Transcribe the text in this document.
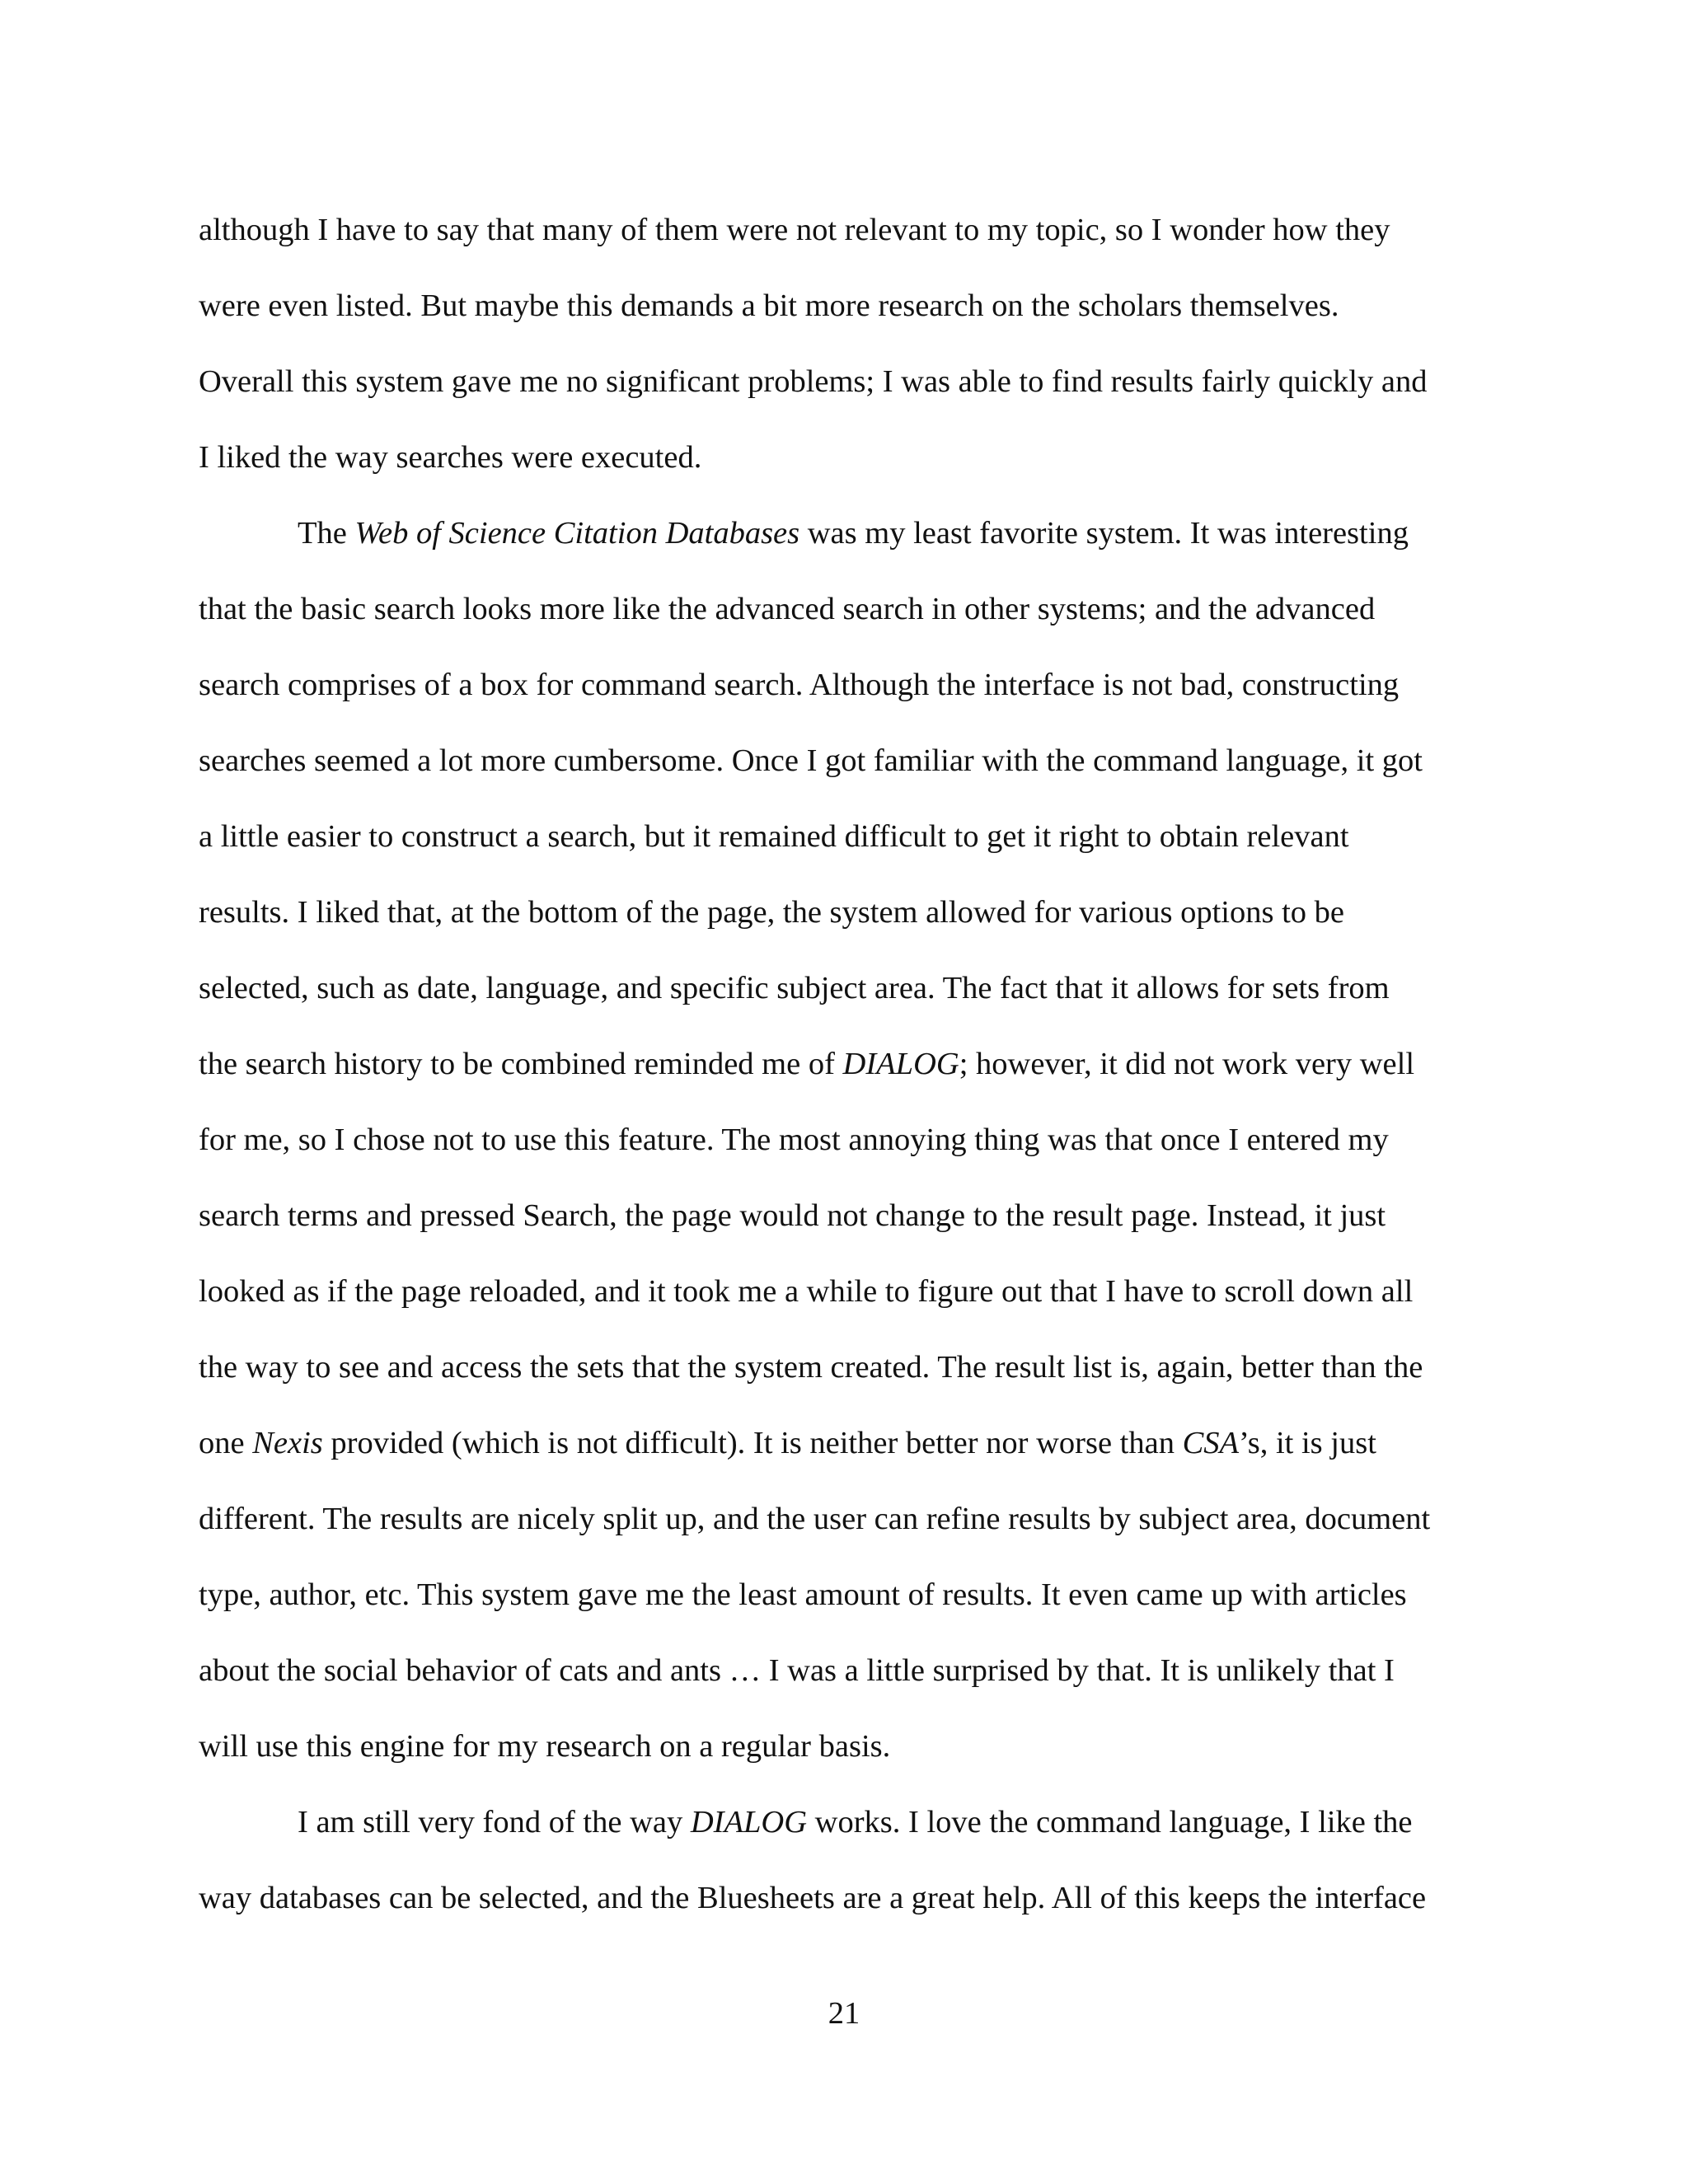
although I have to say that many of them were not relevant to my topic, so I wonder how they
were even listed. But maybe this demands a bit more research on the scholars themselves.
Overall this system gave me no significant problems; I was able to find results fairly quickly and
I liked the way searches were executed.
The Web of Science Citation Databases was my least favorite system. It was interesting
that the basic search looks more like the advanced search in other systems; and the advanced
search comprises of a box for command search. Although the interface is not bad, constructing
searches seemed a lot more cumbersome. Once I got familiar with the command language, it got
a little easier to construct a search, but it remained difficult to get it right to obtain relevant
results. I liked that, at the bottom of the page, the system allowed for various options to be
selected, such as date, language, and specific subject area. The fact that it allows for sets from
the search history to be combined reminded me of DIALOG; however, it did not work very well
for me, so I chose not to use this feature. The most annoying thing was that once I entered my
search terms and pressed Search, the page would not change to the result page. Instead, it just
looked as if the page reloaded, and it took me a while to figure out that I have to scroll down all
the way to see and access the sets that the system created. The result list is, again, better than the
one Nexis provided (which is not difficult). It is neither better nor worse than CSA’s, it is just
different. The results are nicely split up, and the user can refine results by subject area, document
type, author, etc. This system gave me the least amount of results. It even came up with articles
about the social behavior of cats and ants … I was a little surprised by that. It is unlikely that I
will use this engine for my research on a regular basis.
I am still very fond of the way DIALOG works. I love the command language, I like the
way databases can be selected, and the Bluesheets are a great help. All of this keeps the interface
21
